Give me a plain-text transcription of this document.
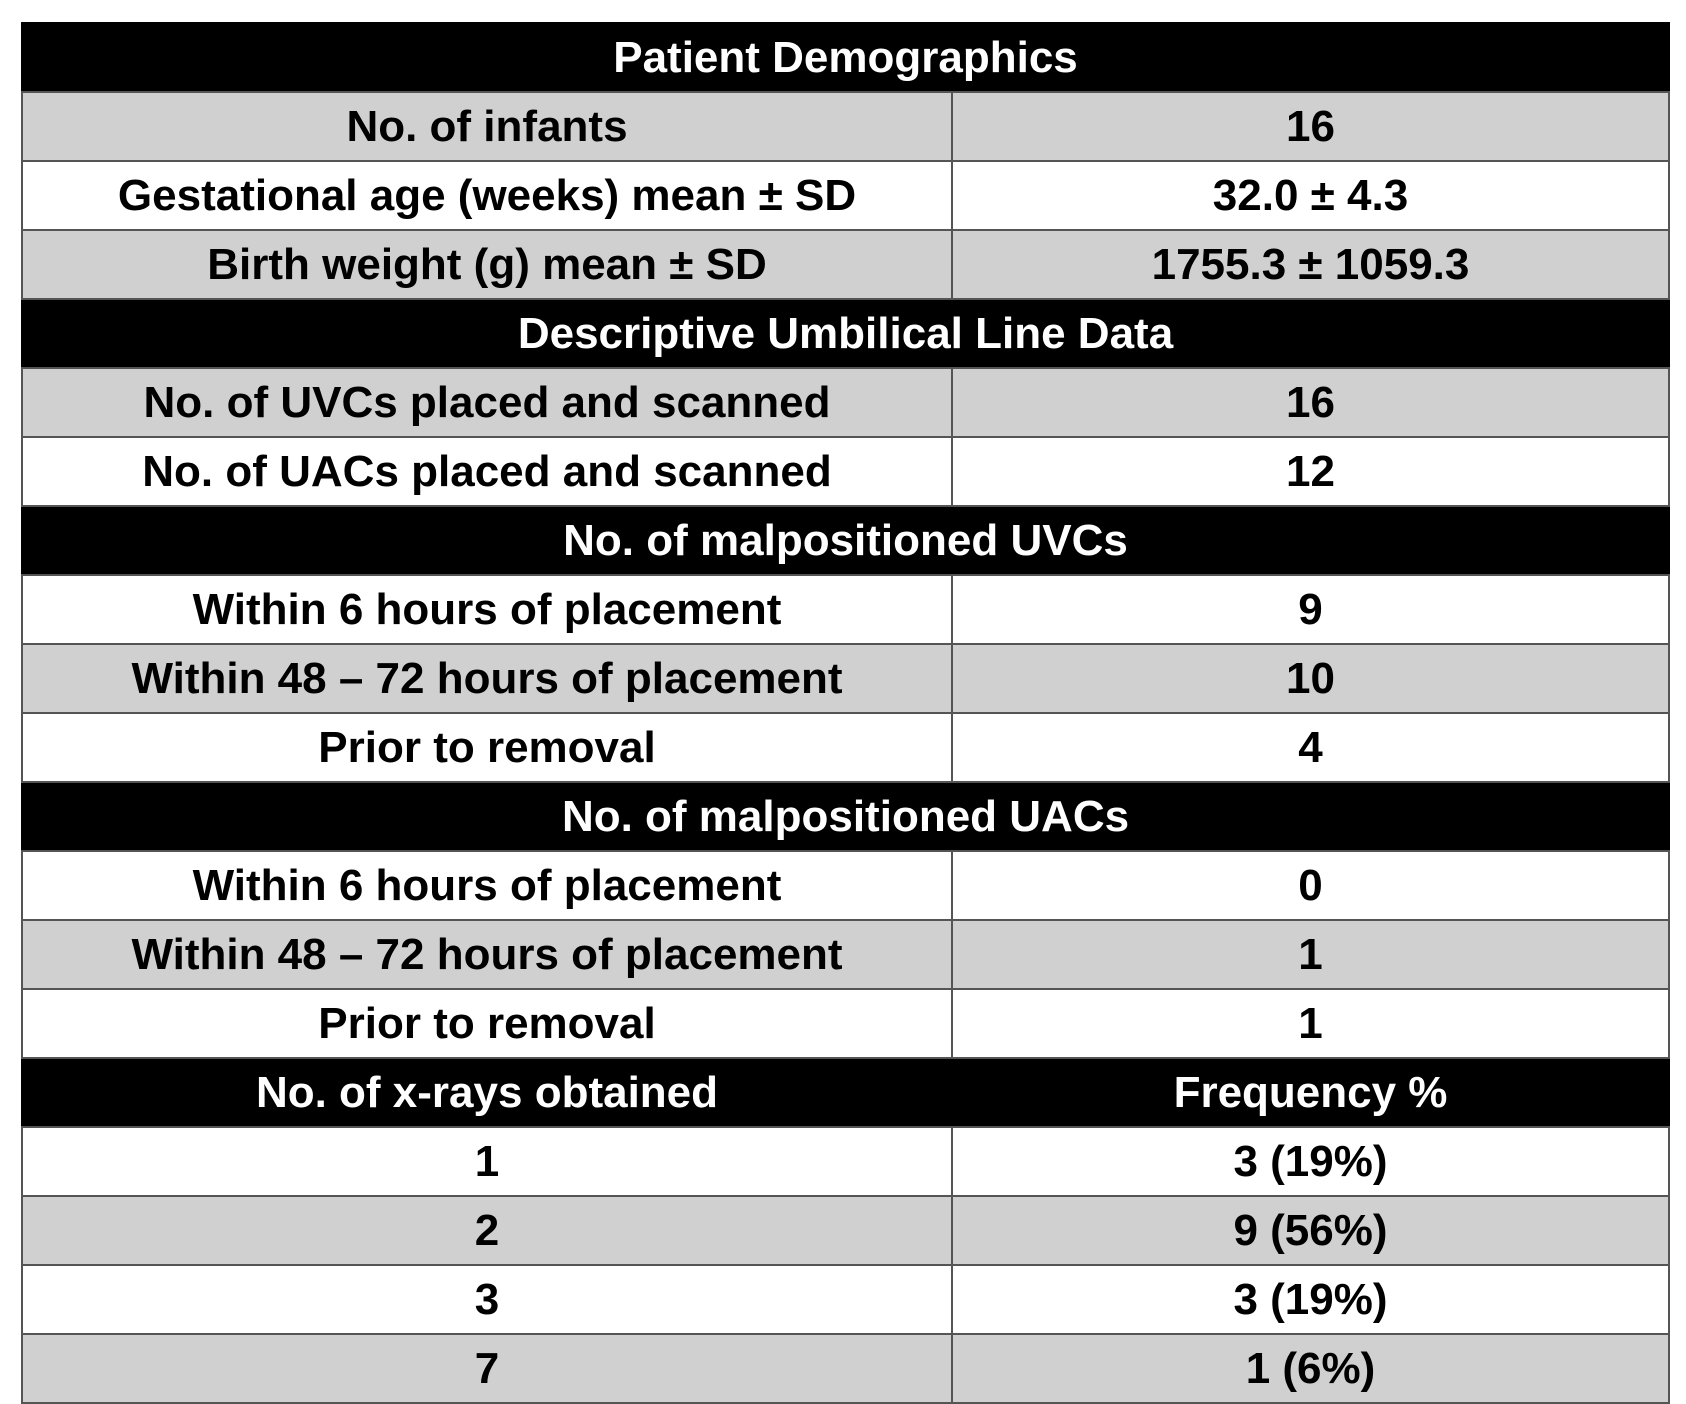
Patient Demographics	
No. of infants	16
Gestational age (weeks) mean ± SD	32.0 ± 4.3
Birth weight (g) mean ± SD	1755.3 ± 1059.3
Descriptive Umbilical Line Data	
No. of UVCs placed and scanned	16
No. of UACs placed and scanned	12
No. of malpositioned UVCs	
Within 6 hours of placement	9
Within 48 – 72 hours of placement	10
Prior to removal	4
No. of malpositioned UACs	
Within 6 hours of placement	0
Within 48 – 72 hours of placement	1
Prior to removal	1
No. of x-rays obtained	Frequency %
1	3 (19%)
2	9 (56%)
3	3 (19%)
7	1 (6%)
